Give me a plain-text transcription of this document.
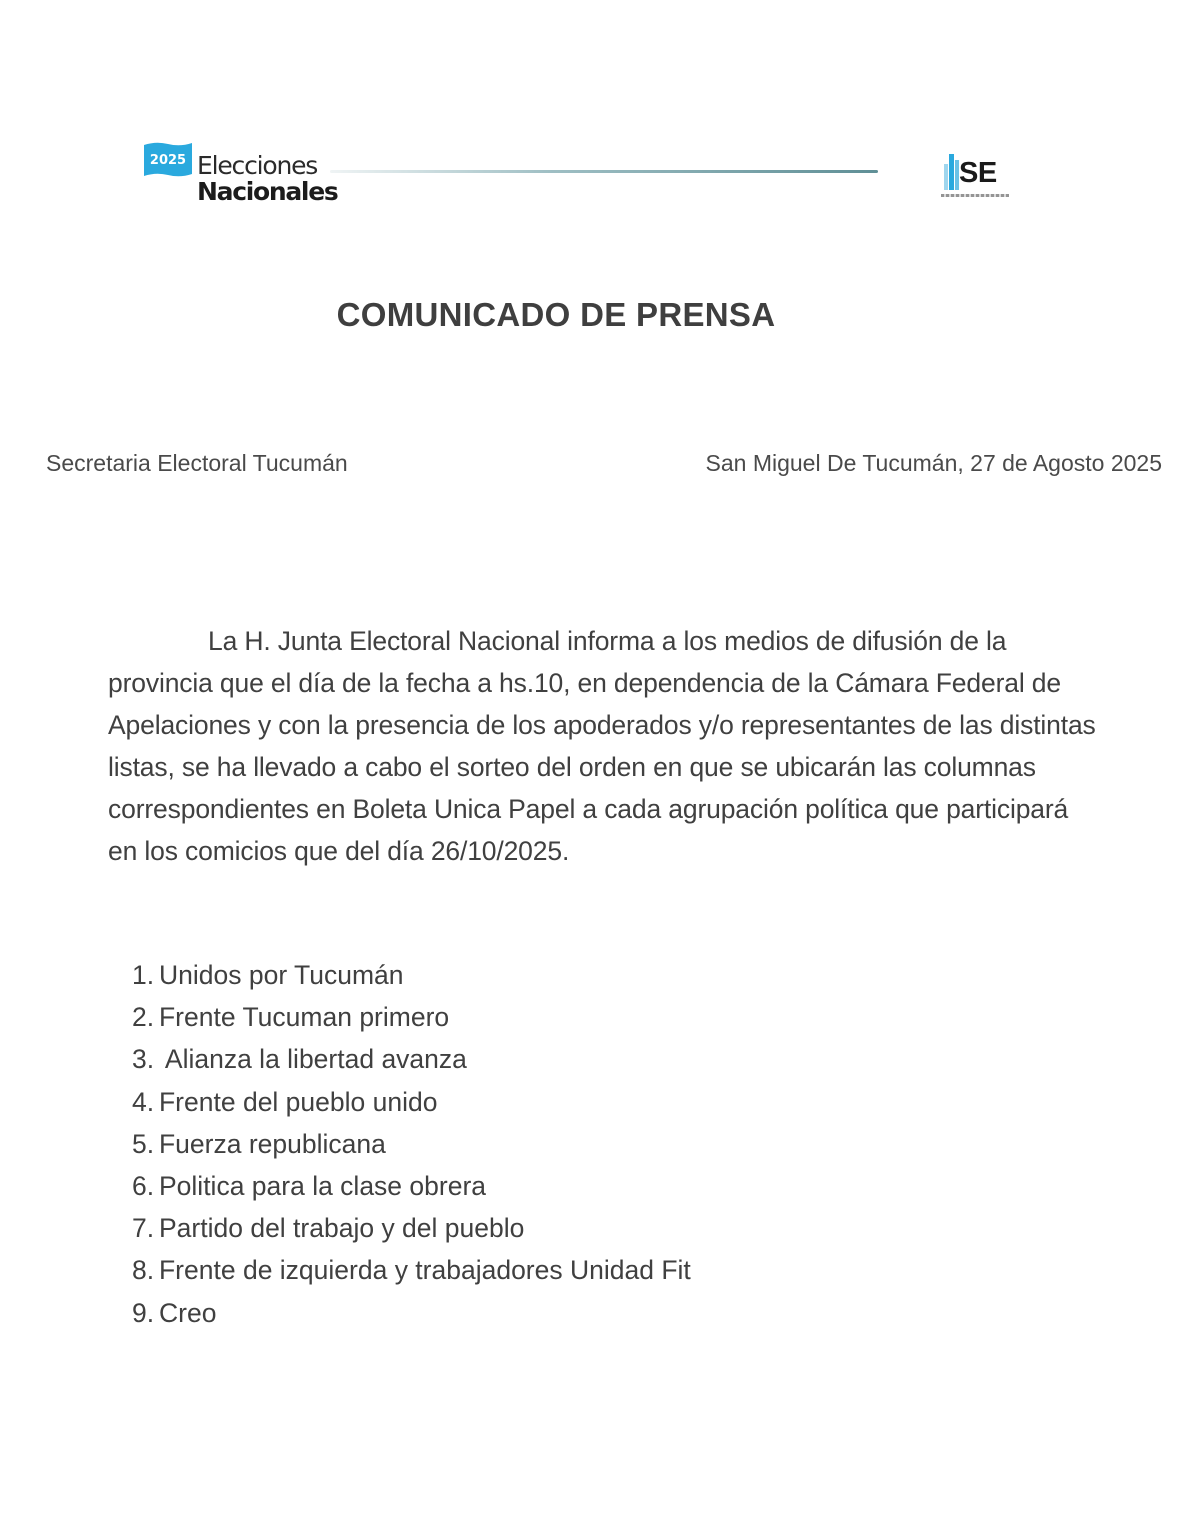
2025 Elecciones
Nacionales
SE
COMUNICADO DE PRENSA
Secretaria Electoral Tucumán	San Miguel De Tucumán, 27 de Agosto 2025
La H. Junta Electoral Nacional informa a los medios de difusión de la provincia que el día de la fecha a hs.10, en dependencia de la Cámara Federal de Apelaciones y con la presencia de los apoderados y/o representantes de las distintas listas, se ha llevado a cabo el sorteo del orden en que se ubicarán las columnas correspondientes en Boleta Unica Papel a cada agrupación política que participará en los comicios que del día 26/10/2025.
1. Unidos por Tucumán
2. Frente Tucuman primero
3. Alianza la libertad avanza
4. Frente del pueblo unido
5. Fuerza republicana
6. Politica para la clase obrera
7. Partido del trabajo y del pueblo
8. Frente de izquierda y trabajadores Unidad Fit
9. Creo
